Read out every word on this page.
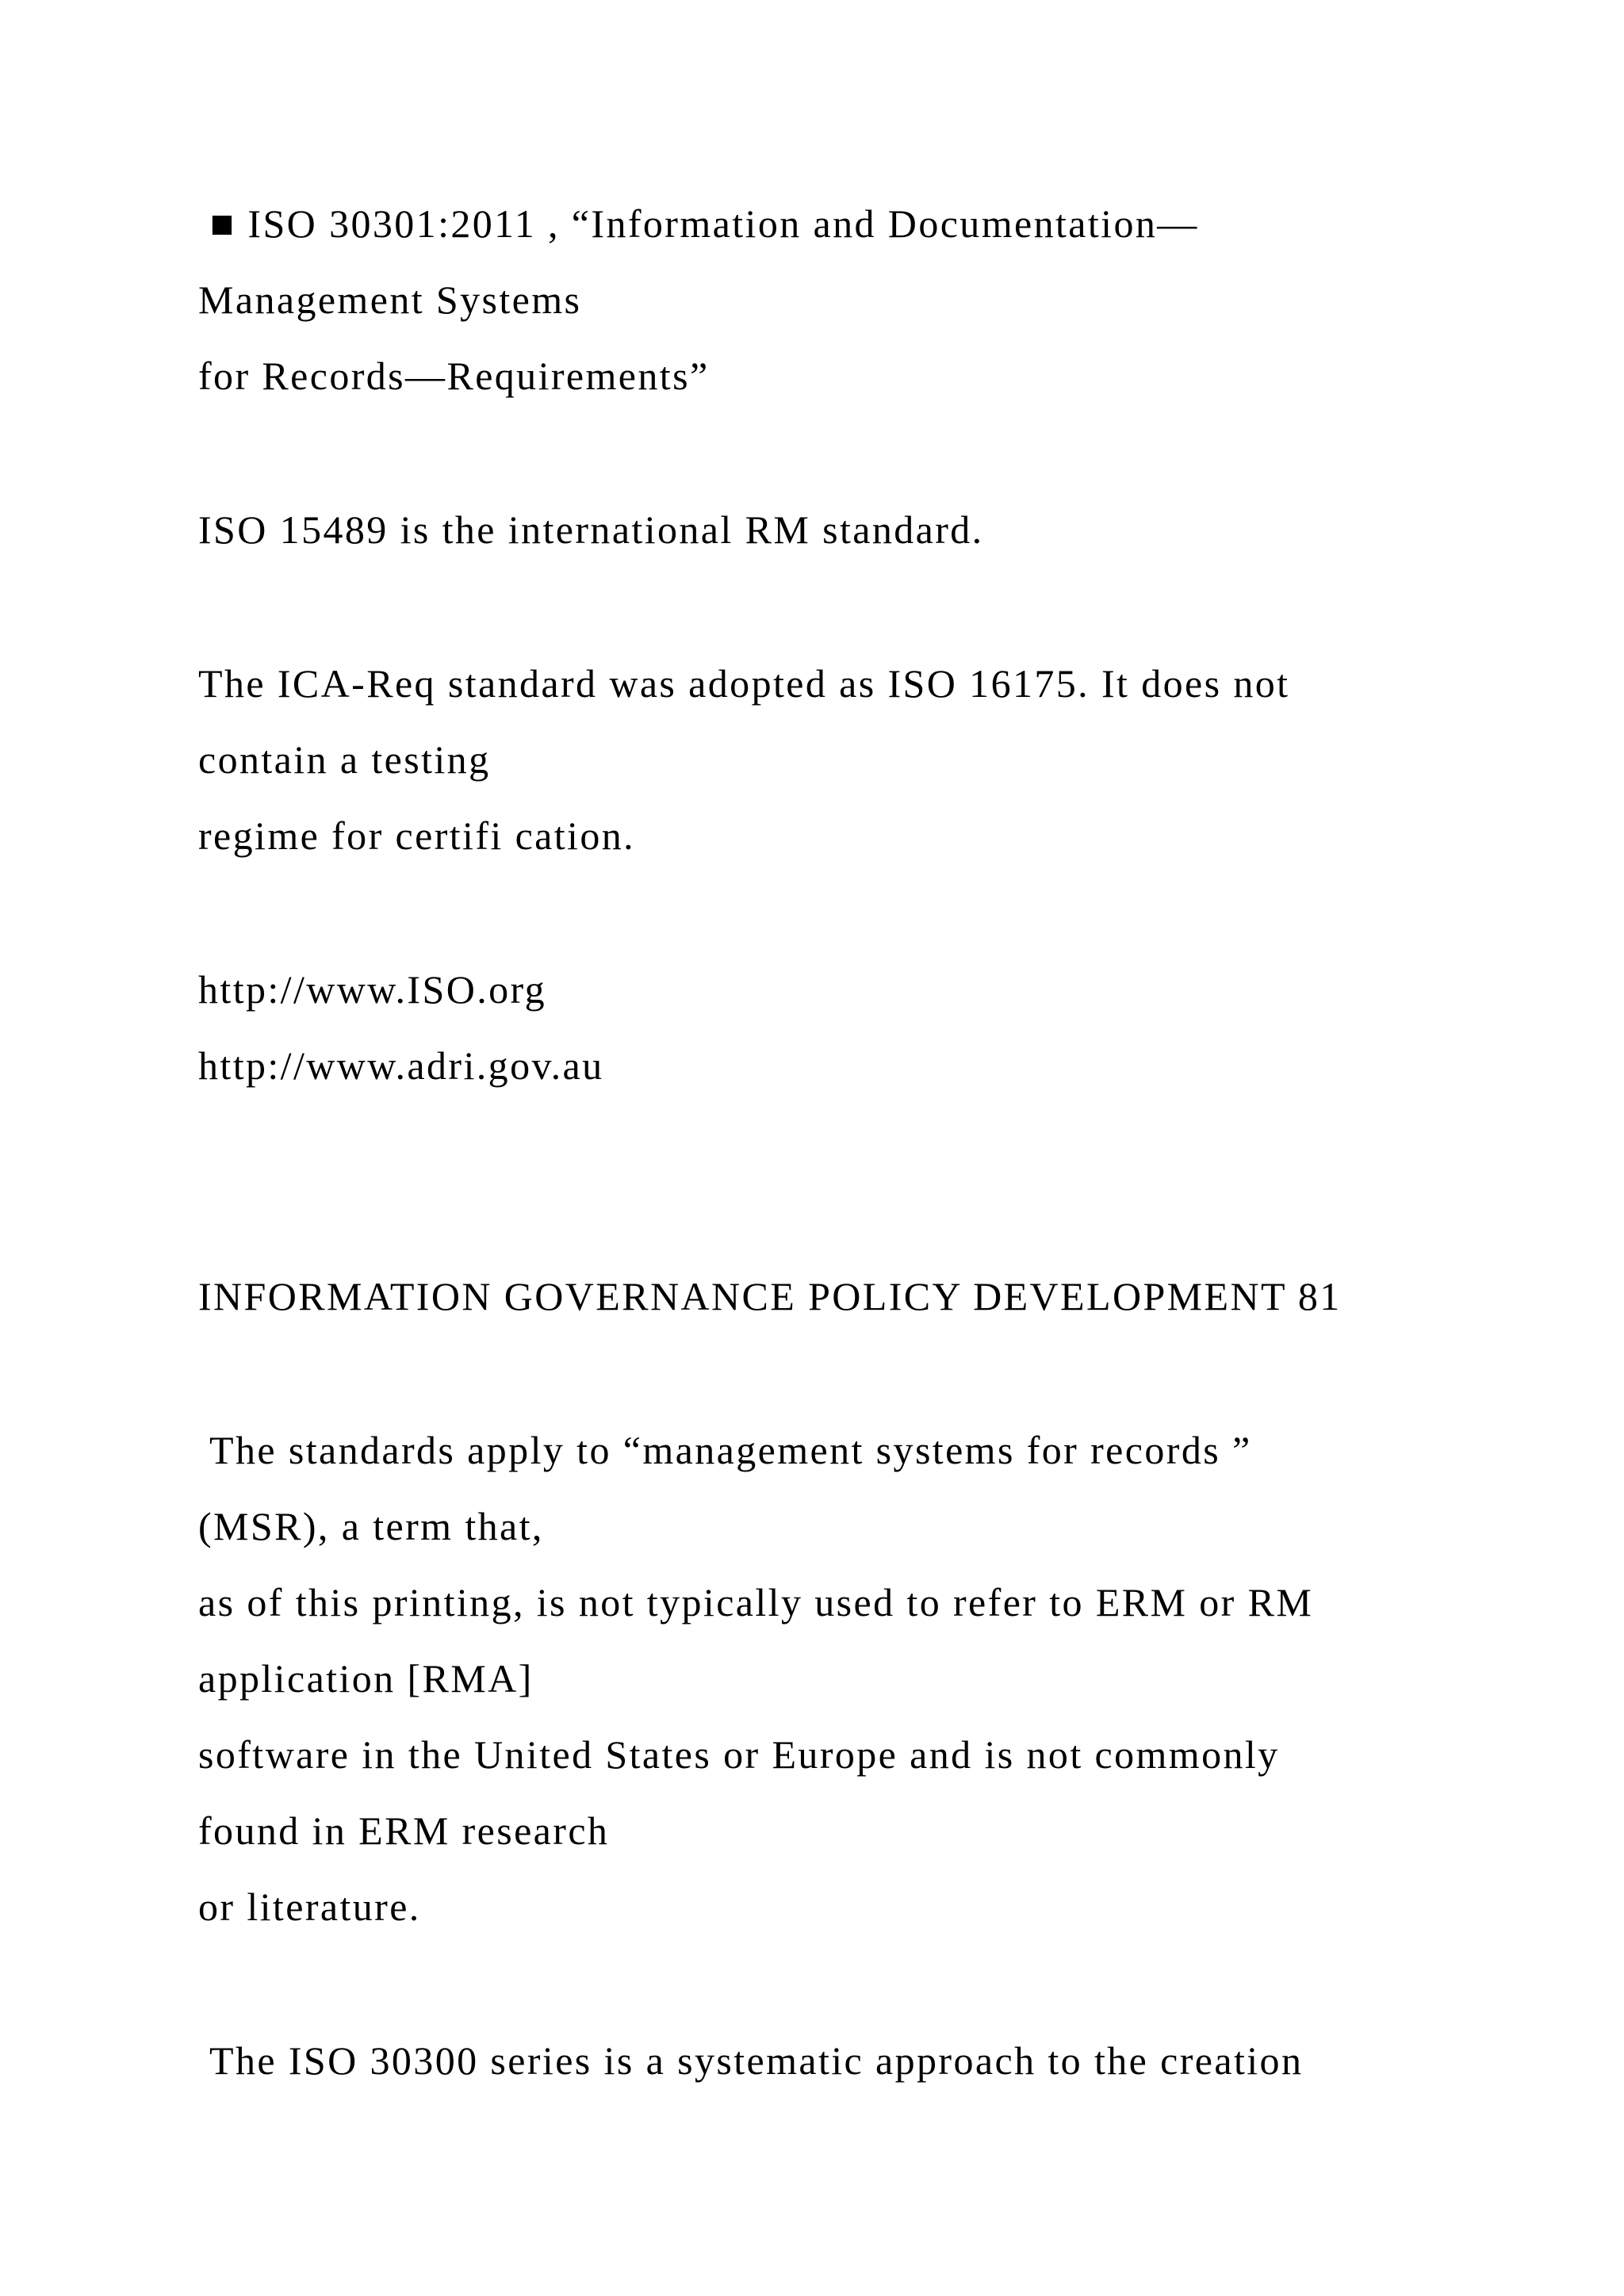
■ ISO 30301:2011 , “Information and Documentation—
Management Systems
for Records—Requirements”
ISO 15489 is the international RM standard.
The ICA-Req standard was adopted as ISO 16175. It does not
contain a testing
regime for certifi cation.
http://www.ISO.org
http://www.adri.gov.au
INFORMATION GOVERNANCE POLICY DEVELOPMENT 81
The standards apply to “management systems for records ”
(MSR), a term that,
as of this printing, is not typically used to refer to ERM or RM
application [RMA]
software in the United States or Europe and is not commonly
found in ERM research
or literature.
The ISO 30300 series is a systematic approach to the creation
